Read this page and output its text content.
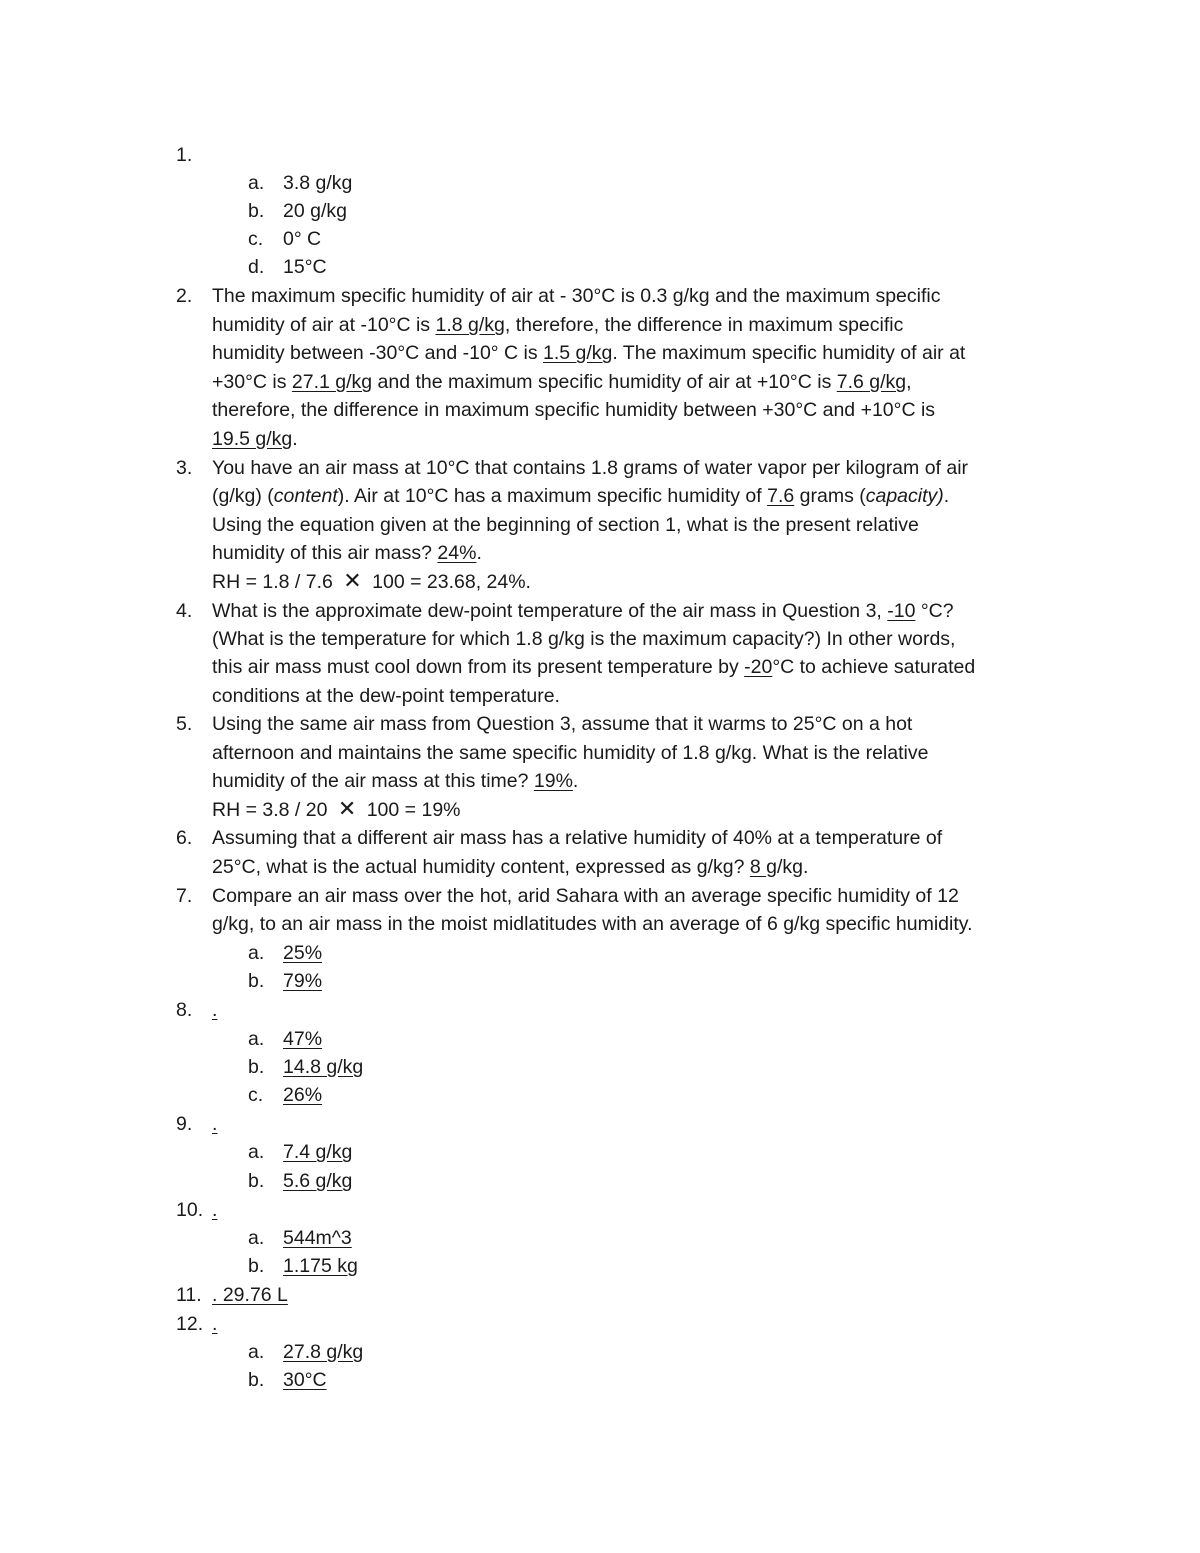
1.
a. 3.8 g/kg
b. 20 g/kg
c. 0° C
d. 15°C
2. The maximum specific humidity of air at - 30°C is 0.3 g/kg and the maximum specific
humidity of air at -10°C is 1.8 g/kg, therefore, the difference in maximum specific
humidity between -30°C and -10° C is 1.5 g/kg. The maximum specific humidity of air at
+30°C is 27.1 g/kg and the maximum specific humidity of air at +10°C is 7.6 g/kg,
therefore, the difference in maximum specific humidity between +30°C and +10°C is
19.5 g/kg.
3. You have an air mass at 10°C that contains 1.8 grams of water vapor per kilogram of air
(g/kg) (content). Air at 10°C has a maximum specific humidity of 7.6 grams (capacity).
Using the equation given at the beginning of section 1, what is the present relative
humidity of this air mass? 24%.
RH = 1.8 / 7.6 ✕ 100 = 23.68, 24%.
4. What is the approximate dew-point temperature of the air mass in Question 3, -10 °C?
(What is the temperature for which 1.8 g/kg is the maximum capacity?) In other words,
this air mass must cool down from its present temperature by -20°C to achieve saturated
conditions at the dew-point temperature.
5. Using the same air mass from Question 3, assume that it warms to 25°C on a hot
afternoon and maintains the same specific humidity of 1.8 g/kg. What is the relative
humidity of the air mass at this time? 19%.
RH = 3.8 / 20 ✕ 100 = 19%
6. Assuming that a different air mass has a relative humidity of 40% at a temperature of
25°C, what is the actual humidity content, expressed as g/kg? 8 g/kg.
7. Compare an air mass over the hot, arid Sahara with an average specific humidity of 12
g/kg, to an air mass in the moist midlatitudes with an average of 6 g/kg specific humidity.
a. 25%
b. 79%
8. .
a. 47%
b. 14.8 g/kg
c. 26%
9. .
a. 7.4 g/kg
b. 5.6 g/kg
10. .
a. 544m^3
b. 1.175 kg
11. . 29.76 L
12. .
a. 27.8 g/kg
b. 30°C
